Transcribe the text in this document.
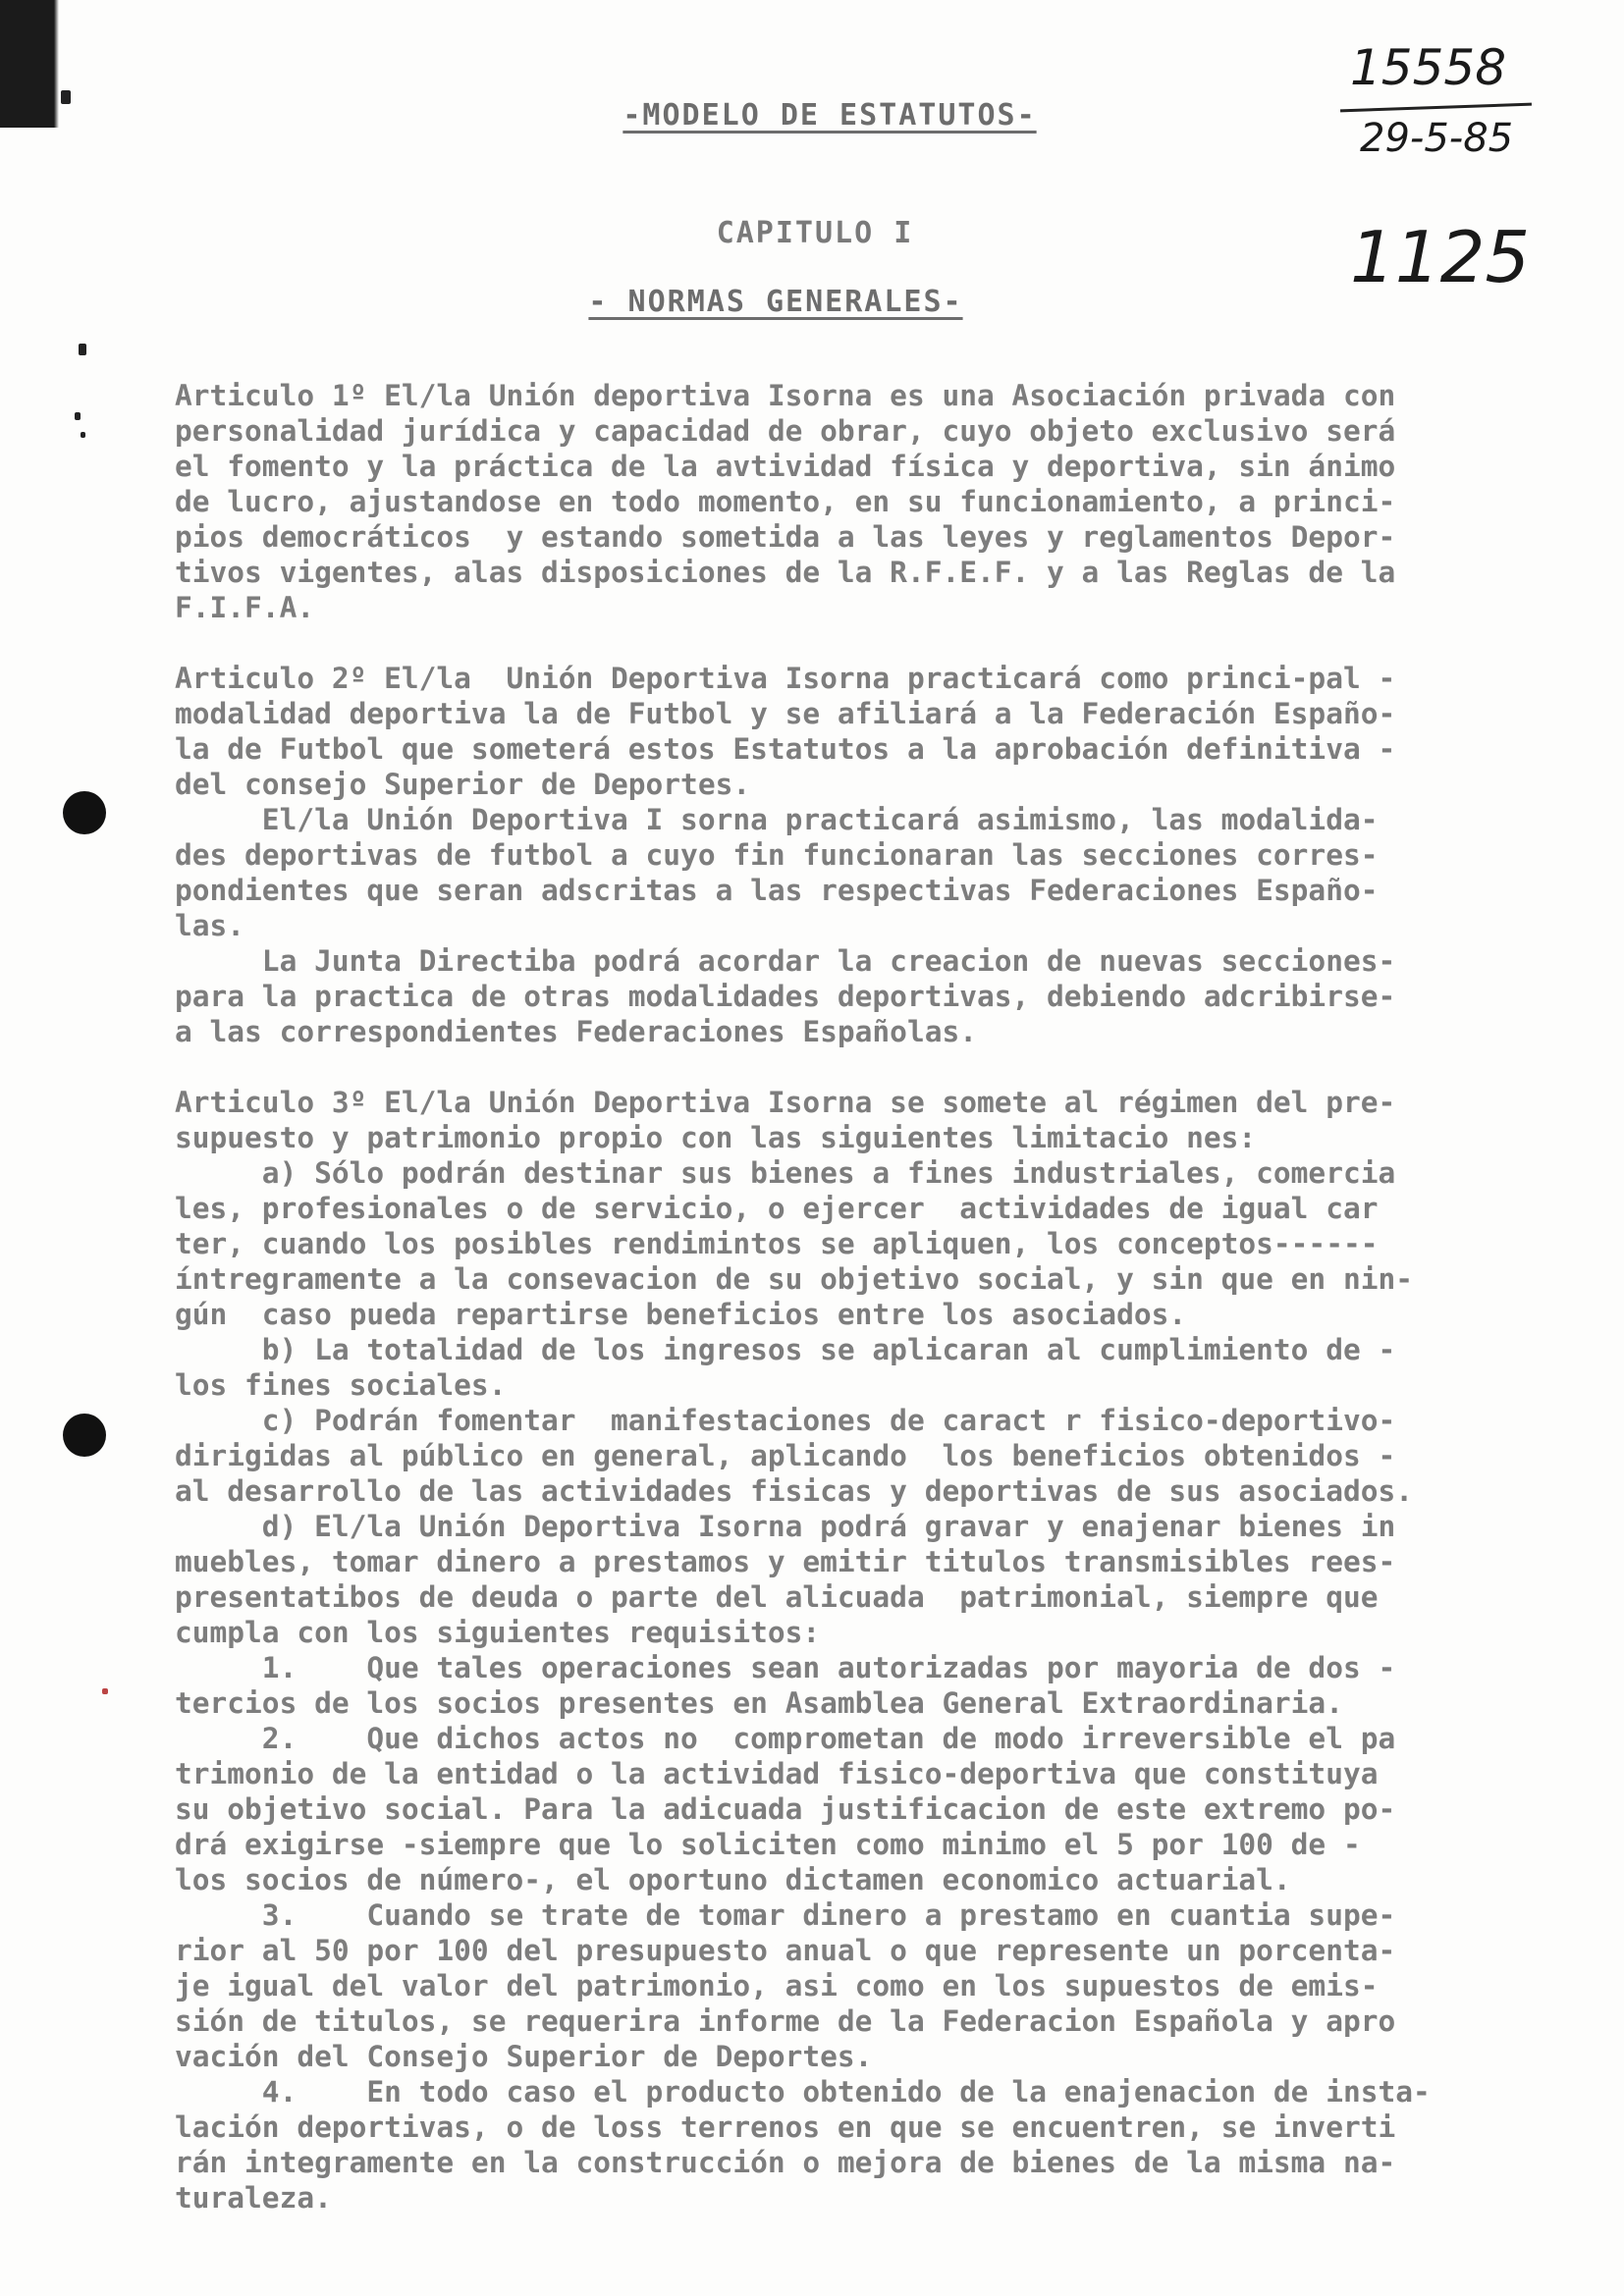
-MODELO DE ESTATUTOS-
CAPITULO I
- NORMAS GENERALES-
15558
29-5-85
1125
Articulo 1º El/la Unión deportiva Isorna es una Asociación privada con
personalidad jurídica y capacidad de obrar, cuyo objeto exclusivo será
el fomento y la práctica de la avtividad física y deportiva, sin ánimo
de lucro, ajustandose en todo momento, en su funcionamiento, a princi-
pios democráticos  y estando sometida a las leyes y reglamentos Depor-
tivos vigentes, alas disposiciones de la R.F.E.F. y a las Reglas de la
F.I.F.A.
Articulo 2º El/la  Unión Deportiva Isorna practicará como princi-pal -
modalidad deportiva la de Futbol y se afiliará a la Federación Españo-
la de Futbol que someterá estos Estatutos a la aprobación definitiva -
del consejo Superior de Deportes.
El/la Unión Deportiva I sorna practicará asimismo, las modalida-
des deportivas de futbol a cuyo fin funcionaran las secciones corres-
pondientes que seran adscritas a las respectivas Federaciones Españo-
las.
La Junta Directiba podrá acordar la creacion de nuevas secciones-
para la practica de otras modalidades deportivas, debiendo adcribirse-
a las correspondientes Federaciones Españolas.
Articulo 3º El/la Unión Deportiva Isorna se somete al régimen del pre-
supuesto y patrimonio propio con las siguientes limitacio nes:
a) Sólo podrán destinar sus bienes a fines industriales, comercia
les, profesionales o de servicio, o ejercer  actividades de igual car
ter, cuando los posibles rendimintos se apliquen, los conceptos------
íntregramente a la consevacion de su objetivo social, y sin que en nin-
gún  caso pueda repartirse beneficios entre los asociados.
b) La totalidad de los ingresos se aplicaran al cumplimiento de -
los fines sociales.
c) Podrán fomentar  manifestaciones de caract r fisico-deportivo-
dirigidas al público en general, aplicando  los beneficios obtenidos -
al desarrollo de las actividades fisicas y deportivas de sus asociados.
d) El/la Unión Deportiva Isorna podrá gravar y enajenar bienes in
muebles, tomar dinero a prestamos y emitir titulos transmisibles rees-
presentatibos de deuda o parte del alicuada  patrimonial, siempre que
cumpla con los siguientes requisitos:
1.    Que tales operaciones sean autorizadas por mayoria de dos -
tercios de los socios presentes en Asamblea General Extraordinaria.
2.    Que dichos actos no  comprometan de modo irreversible el pa
trimonio de la entidad o la actividad fisico-deportiva que constituya
su objetivo social. Para la adicuada justificacion de este extremo po-
drá exigirse -siempre que lo soliciten como minimo el 5 por 100 de -
los socios de número-, el oportuno dictamen economico actuarial.
3.    Cuando se trate de tomar dinero a prestamo en cuantia supe-
rior al 50 por 100 del presupuesto anual o que represente un porcenta-
je igual del valor del patrimonio, asi como en los supuestos de emis-
sión de titulos, se requerira informe de la Federacion Española y apro
vación del Consejo Superior de Deportes.
4.    En todo caso el producto obtenido de la enajenacion de insta-
lación deportivas, o de loss terrenos en que se encuentren, se inverti
rán integramente en la construcción o mejora de bienes de la misma na-
turaleza.
